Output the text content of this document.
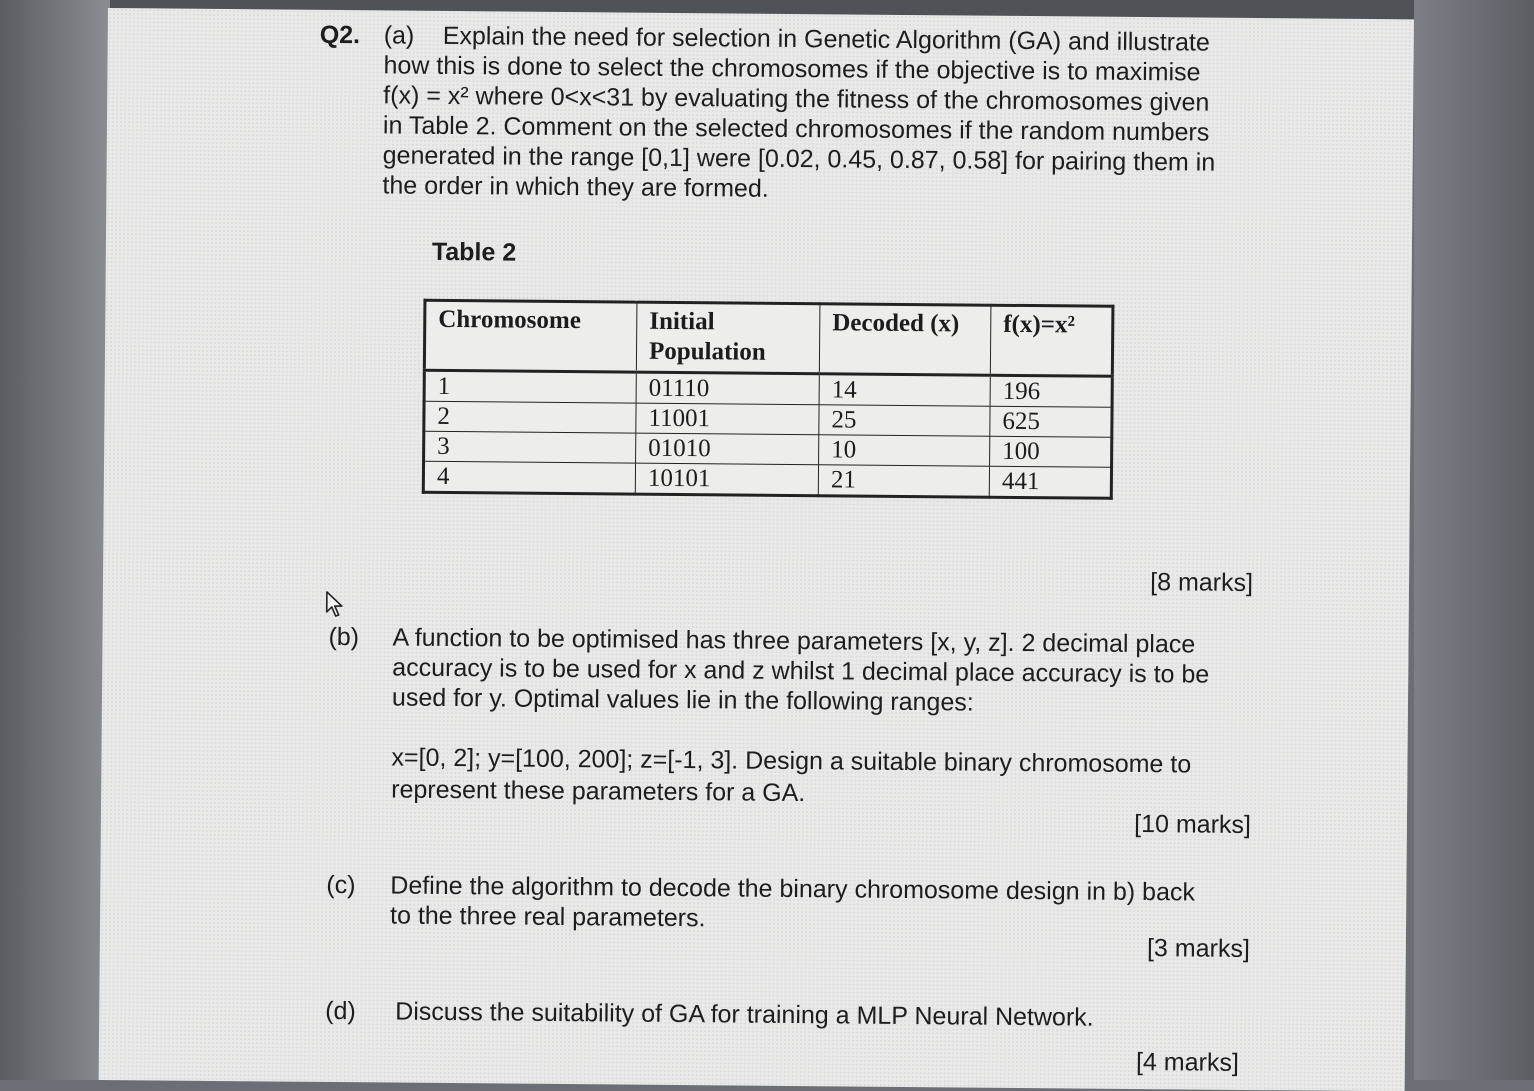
Q2. (a) Explain the need for selection in Genetic Algorithm (GA) and illustrate
how this is done to select the chromosomes if the objective is to maximise
f(x) = x² where 0<x<31 by evaluating the fitness of the chromosomes given
in Table 2. Comment on the selected chromosomes if the random numbers
generated in the range [0,1] were [0.02, 0.45, 0.87, 0.58] for pairing them in
the order in which they are formed.
Table 2
Chromosome	Initial Population	Decoded (x)	f(x)=x²
1	01110	14	196
2	11001	25	625
3	01010	10	100
4	10101	21	441
[8 marks]
(b) A function to be optimised has three parameters [x, y, z]. 2 decimal place
accuracy is to be used for x and z whilst 1 decimal place accuracy is to be
used for y. Optimal values lie in the following ranges:
x=[0, 2]; y=[100, 200]; z=[-1, 3]. Design a suitable binary chromosome to
represent these parameters for a GA.
[10 marks]
(c) Define the algorithm to decode the binary chromosome design in b) back
to the three real parameters.
[3 marks]
(d) Discuss the suitability of GA for training a MLP Neural Network.
[4 marks]
